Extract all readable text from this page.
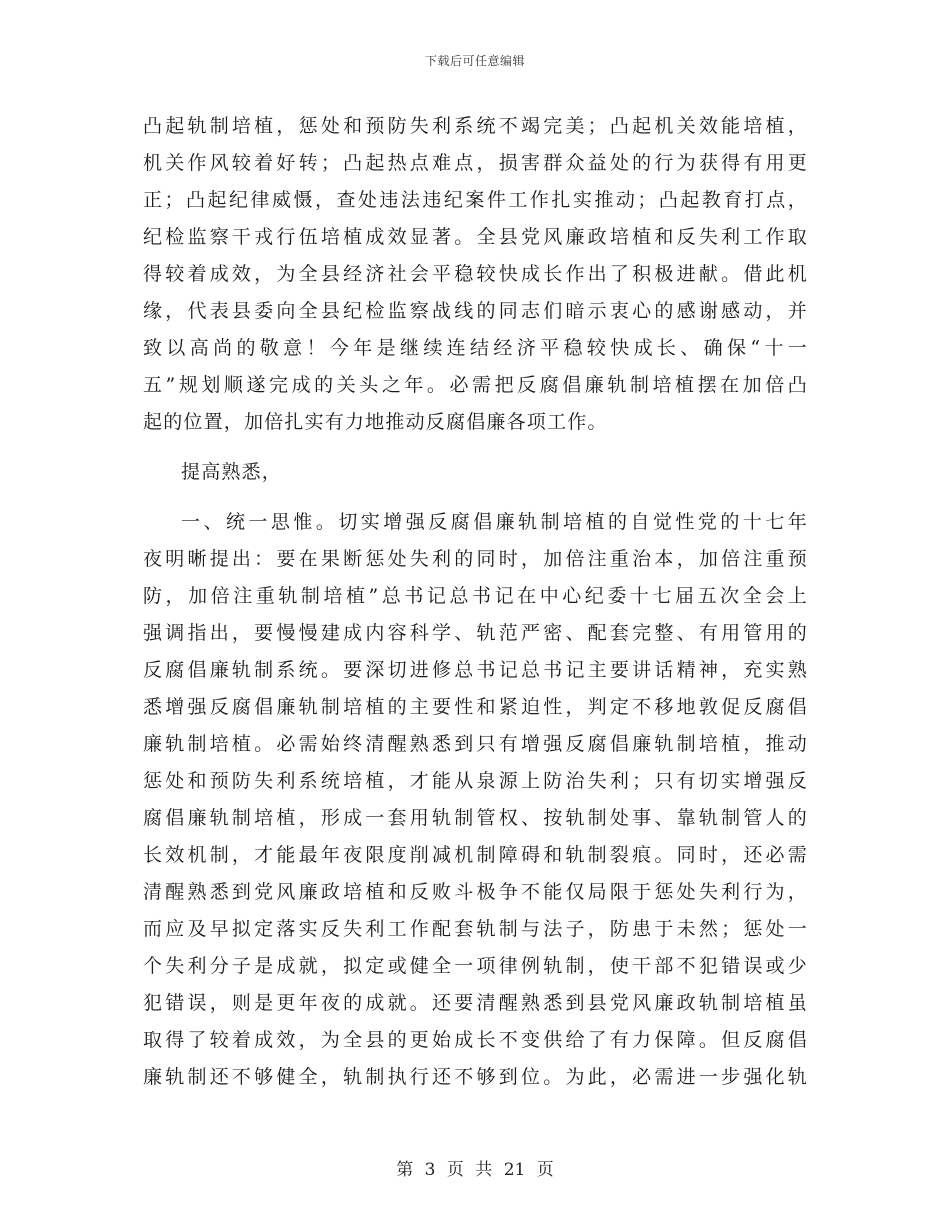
下载后可任意编辑
凸起轨制培植，惩处和预防失利系统不竭完美；凸起机关效能培植，
机关作风较着好转；凸起热点难点，损害群众益处的行为获得有用更
正；凸起纪律威慑，查处违法违纪案件工作扎实推动；凸起教育打点，
纪检监察干戎行伍培植成效显著。全县党风廉政培植和反失利工作取
得较着成效，为全县经济社会平稳较快成长作出了积极进献。借此机
缘，代表县委向全县纪检监察战线的同志们暗示衷心的感谢感动，并
致以高尚的敬意！今年是继续连结经济平稳较快成长、确保“十一
五”规划顺遂完成的关头之年。必需把反腐倡廉轨制培植摆在加倍凸
起的位置，加倍扎实有力地推动反腐倡廉各项工作。
提高熟悉，
一、统一思惟。切实增强反腐倡廉轨制培植的自觉性党的十七年
夜明晰提出：要在果断惩处失利的同时，加倍注重治本，加倍注重预
防，加倍注重轨制培植”总书记总书记在中心纪委十七届五次全会上
强调指出，要慢慢建成内容科学、轨范严密、配套完整、有用管用的
反腐倡廉轨制系统。要深切进修总书记总书记主要讲话精神，充实熟
悉增强反腐倡廉轨制培植的主要性和紧迫性，判定不移地敦促反腐倡
廉轨制培植。必需始终清醒熟悉到只有增强反腐倡廉轨制培植，推动
惩处和预防失利系统培植，才能从泉源上防治失利；只有切实增强反
腐倡廉轨制培植，形成一套用轨制管权、按轨制处事、靠轨制管人的
长效机制，才能最年夜限度削减机制障碍和轨制裂痕。同时，还必需
清醒熟悉到党风廉政培植和反败斗极争不能仅局限于惩处失利行为，
而应及早拟定落实反失利工作配套轨制与法子，防患于未然；惩处一
个失利分子是成就，拟定或健全一项律例轨制，使干部不犯错误或少
犯错误，则是更年夜的成就。还要清醒熟悉到县党风廉政轨制培植虽
取得了较着成效，为全县的更始成长不变供给了有力保障。但反腐倡
廉轨制还不够健全，轨制执行还不够到位。为此，必需进一步强化轨
第 3 页 共 21 页
